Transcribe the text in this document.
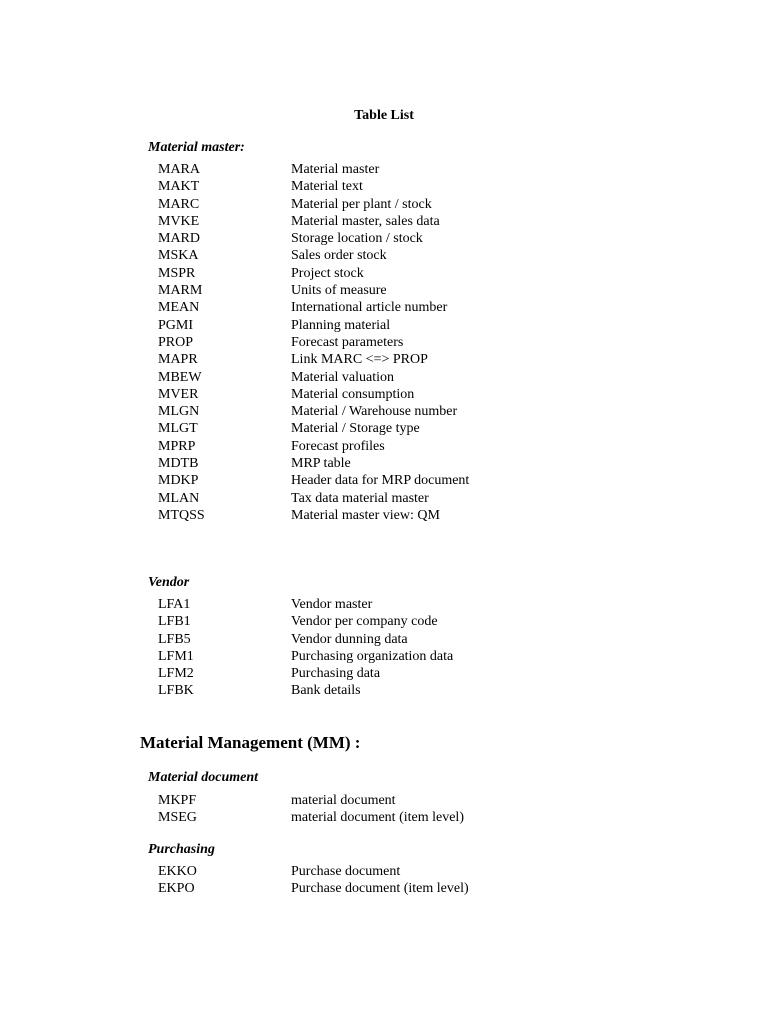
Table List
Material master:
MARA	Material master
MAKT	Material text
MARC	Material per plant / stock
MVKE	Material master, sales data
MARD	Storage location / stock
MSKA	Sales order stock
MSPR	Project stock
MARM	Units of measure
MEAN	International article number
PGMI	Planning material
PROP	Forecast parameters
MAPR	Link MARC <=> PROP
MBEW	Material valuation
MVER	Material consumption
MLGN	Material / Warehouse number
MLGT	Material / Storage type
MPRP	Forecast profiles
MDTB	MRP table
MDKP	Header data for MRP document
MLAN	Tax data material master
MTQSS	Material master view: QM
Vendor
LFA1	Vendor master
LFB1	Vendor per company code
LFB5	Vendor dunning data
LFM1	Purchasing organization data
LFM2	Purchasing data
LFBK	Bank details
Material Management (MM) :
Material document
MKPF	material document
MSEG	material document (item level)
Purchasing
EKKO	Purchase document
EKPO	Purchase document (item level)
